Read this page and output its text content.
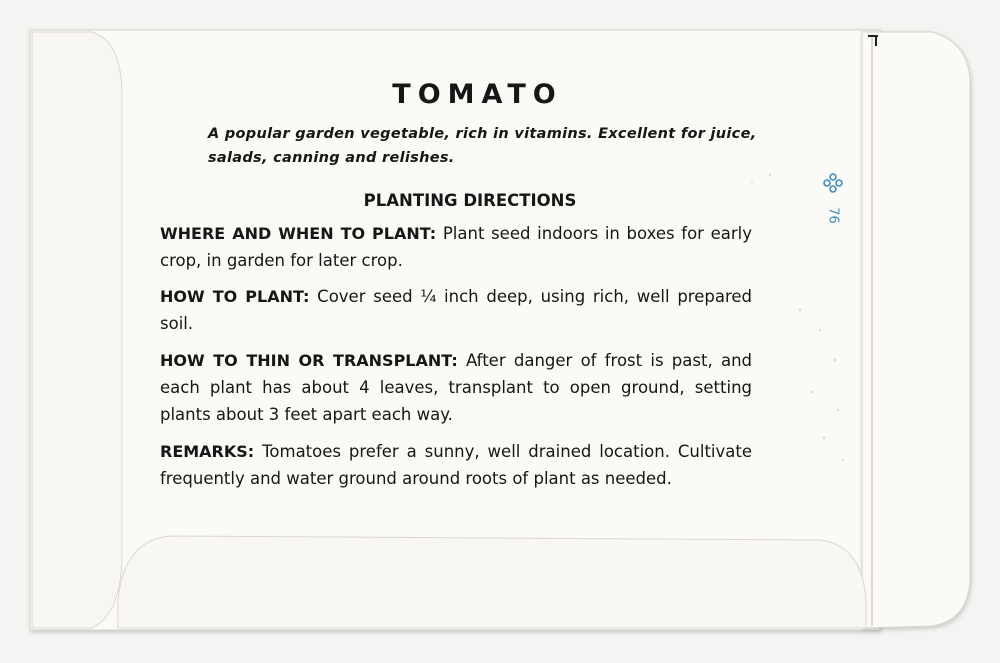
TOMATO
A popular garden vegetable, rich in vitamins. Excellent for juice, salads, canning and relishes.
PLANTING DIRECTIONS

WHERE AND WHEN TO PLANT: Plant seed indoors in boxes for early crop, in garden for later crop.

HOW TO PLANT: Cover seed ¼ inch deep, using rich, well prepared soil.

HOW TO THIN OR TRANSPLANT: After danger of frost is past, and each plant has about 4 leaves, transplant to open ground, setting plants about 3 feet apart each way.

REMARKS: Tomatoes prefer a sunny, well drained location. Cultivate frequently and water ground around roots of plant as needed.

76
